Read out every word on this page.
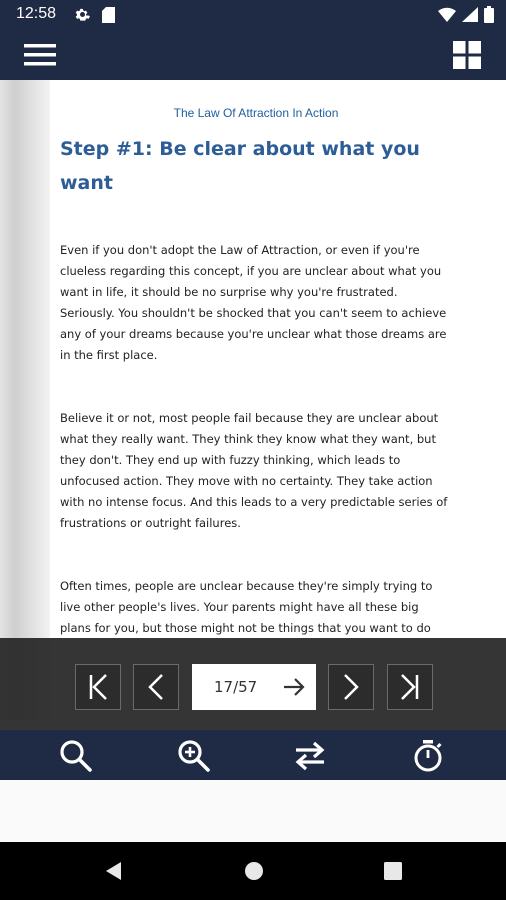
12:58
The Law Of Attraction In Action
Step #1: Be clear about what you want
Even if you don't adopt the Law of Attraction, or even if you're clueless regarding this concept, if you are unclear about what you want in life, it should be no surprise why you're frustrated. Seriously. You shouldn't be shocked that you can't seem to achieve any of your dreams because you're unclear what those dreams are in the first place.
Believe it or not, most people fail because they are unclear about what they really want. They think they know what they want, but they don't. They end up with fuzzy thinking, which leads to unfocused action. They move with no certainty. They take action with no intense focus. And this leads to a very predictable series of frustrations or outright failures.
Often times, people are unclear because they're simply trying to live other people's lives. Your parents might have all these big plans for you, but those might not be things that you want to do
17/57
